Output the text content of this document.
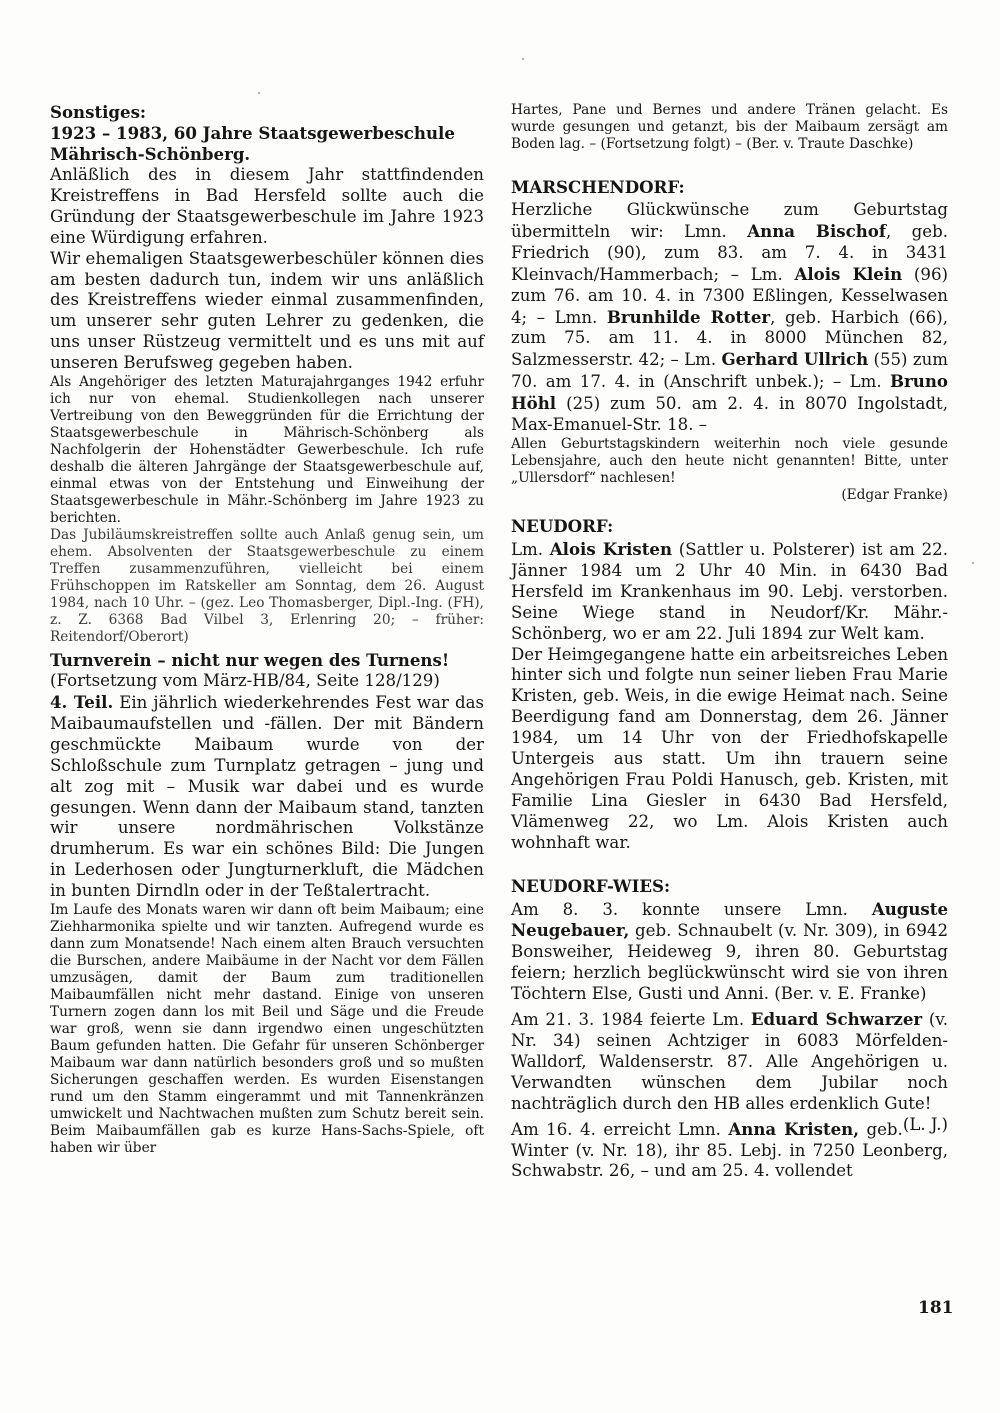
Sonstiges:
1923 – 1983, 60 Jahre Staatsgewerbeschule
Mährisch-Schönberg.

Anläßlich des in diesem Jahr stattfindenden Kreistreffens in Bad Hersfeld sollte auch die Gründung der Staatsgewerbeschule im Jahre 1923 eine Würdigung erfahren.

Wir ehemaligen Staatsgewerbeschüler können dies am besten dadurch tun, indem wir uns anläßlich des Kreistreffens wieder einmal zusammenfinden, um unserer sehr guten Lehrer zu gedenken, die uns unser Rüstzeug vermittelt und es uns mit auf unseren Berufsweg gegeben haben.

Als Angehöriger des letzten Maturajahrganges 1942 erfuhr ich nur von ehemal. Studienkollegen nach unserer Vertreibung von den Beweggründen für die Errichtung der Staatsgewerbeschule in Mährisch-Schönberg als Nachfolgerin der Hohenstädter Gewerbeschule. Ich rufe deshalb die älteren Jahrgänge der Staatsgewerbeschule auf, einmal etwas von der Entstehung und Einweihung der Staatsgewerbeschule in Mähr.-Schönberg im Jahre 1923 zu berichten.

Das Jubiläumskreistreffen sollte auch Anlaß genug sein, um ehem. Absolventen der Staatsgewerbeschule zu einem Treffen zusammenzuführen, vielleicht bei einem Frühschoppen im Ratskeller am Sonntag, dem 26. August 1984, nach 10 Uhr. – (gez. Leo Thomasberger, Dipl.-Ing. (FH), z. Z. 6368 Bad Vilbel 3, Erlenring 20; – früher: Reitendorf/Oberort)

Turnverein – nicht nur wegen des Turnens!

(Fortsetzung vom März-HB/84, Seite 128/129)

4. Teil. Ein jährlich wiederkehrendes Fest war das Maibaumaufstellen und -fällen. Der mit Bändern geschmückte Maibaum wurde von der Schloßschule zum Turnplatz getragen – jung und alt zog mit – Musik war dabei und es wurde gesungen. Wenn dann der Maibaum stand, tanzten wir unsere nordmährischen Volkstänze drumherum. Es war ein schönes Bild: Die Jungen in Lederhosen oder Jungturnerkluft, die Mädchen in bunten Dirndln oder in der Teßtalertracht.

Im Laufe des Monats waren wir dann oft beim Maibaum; eine Ziehharmonika spielte und wir tanzten. Aufregend wurde es dann zum Monatsende! Nach einem alten Brauch versuchten die Burschen, andere Maibäume in der Nacht vor dem Fällen umzusägen, damit der Baum zum traditionellen Maibaumfällen nicht mehr dastand. Einige von unseren Turnern zogen dann los mit Beil und Säge und die Freude war groß, wenn sie dann irgendwo einen ungeschützten Baum gefunden hatten. Die Gefahr für unseren Schönberger Maibaum war dann natürlich besonders groß und so mußten Sicherungen geschaffen werden. Es wurden Eisenstangen rund um den Stamm eingerammt und mit Tannenkränzen umwickelt und Nachtwachen mußten zum Schutz bereit sein. Beim Maibaumfällen gab es kurze Hans-Sachs-Spiele, oft haben wir über

Hartes, Pane und Bernes und andere Tränen gelacht. Es wurde gesungen und getanzt, bis der Maibaum zersägt am Boden lag. – (Fortsetzung folgt) – (Ber. v. Traute Daschke)

MARSCHENDORF:

Herzliche Glückwünsche zum Geburtstag übermitteln wir: Lmn. Anna Bischof, geb. Friedrich (90), zum 83. am 7. 4. in 3431 Kleinvach/Hammerbach; – Lm. Alois Klein (96) zum 76. am 10. 4. in 7300 Eßlingen, Kesselwasen 4; – Lmn. Brunhilde Rotter, geb. Harbich (66), zum 75. am 11. 4. in 8000 München 82, Salzmesserstr. 42; – Lm. Gerhard Ullrich (55) zum 70. am 17. 4. in (Anschrift unbek.); – Lm. Bruno Höhl (25) zum 50. am 2. 4. in 8070 Ingolstadt, Max-Emanuel-Str. 18. –

Allen Geburtstagskindern weiterhin noch viele gesunde Lebensjahre, auch den heute nicht genannten! Bitte, unter „Ullersdorf“ nachlesen!

(Edgar Franke)

NEUDORF:

Lm. Alois Kristen (Sattler u. Polsterer) ist am 22. Jänner 1984 um 2 Uhr 40 Min. in 6430 Bad Hersfeld im Krankenhaus im 90. Lebj. verstorben. Seine Wiege stand in Neudorf/Kr. Mähr.-Schönberg, wo er am 22. Juli 1894 zur Welt kam.

Der Heimgegangene hatte ein arbeitsreiches Leben hinter sich und folgte nun seiner lieben Frau Marie Kristen, geb. Weis, in die ewige Heimat nach. Seine Beerdigung fand am Donnerstag, dem 26. Jänner 1984, um 14 Uhr von der Friedhofskapelle Untergeis aus statt. Um ihn trauern seine Angehörigen Frau Poldi Hanusch, geb. Kristen, mit Familie Lina Giesler in 6430 Bad Hersfeld, Vlämenweg 22, wo Lm. Alois Kristen auch wohnhaft war.

NEUDORF-WIES:

Am 8. 3. konnte unsere Lmn. Auguste Neugebauer, geb. Schnaubelt (v. Nr. 309), in 6942 Bonsweiher, Heideweg 9, ihren 80. Geburtstag feiern; herzlich beglückwünscht wird sie von ihren Töchtern Else, Gusti und Anni. (Ber. v. E. Franke)

Am 21. 3. 1984 feierte Lm. Eduard Schwarzer (v. Nr. 34) seinen Achtziger in 6083 Mörfelden-Walldorf, Waldenserstr. 87. Alle Angehörigen u. Verwandten wünschen dem Jubilar noch nachträglich durch den HB alles erdenklich Gute!
(L. J.)

Am 16. 4. erreicht Lmn. Anna Kristen, geb. Winter (v. Nr. 18), ihr 85. Lebj. in 7250 Leonberg, Schwabstr. 26, – und am 25. 4. vollendet

181
